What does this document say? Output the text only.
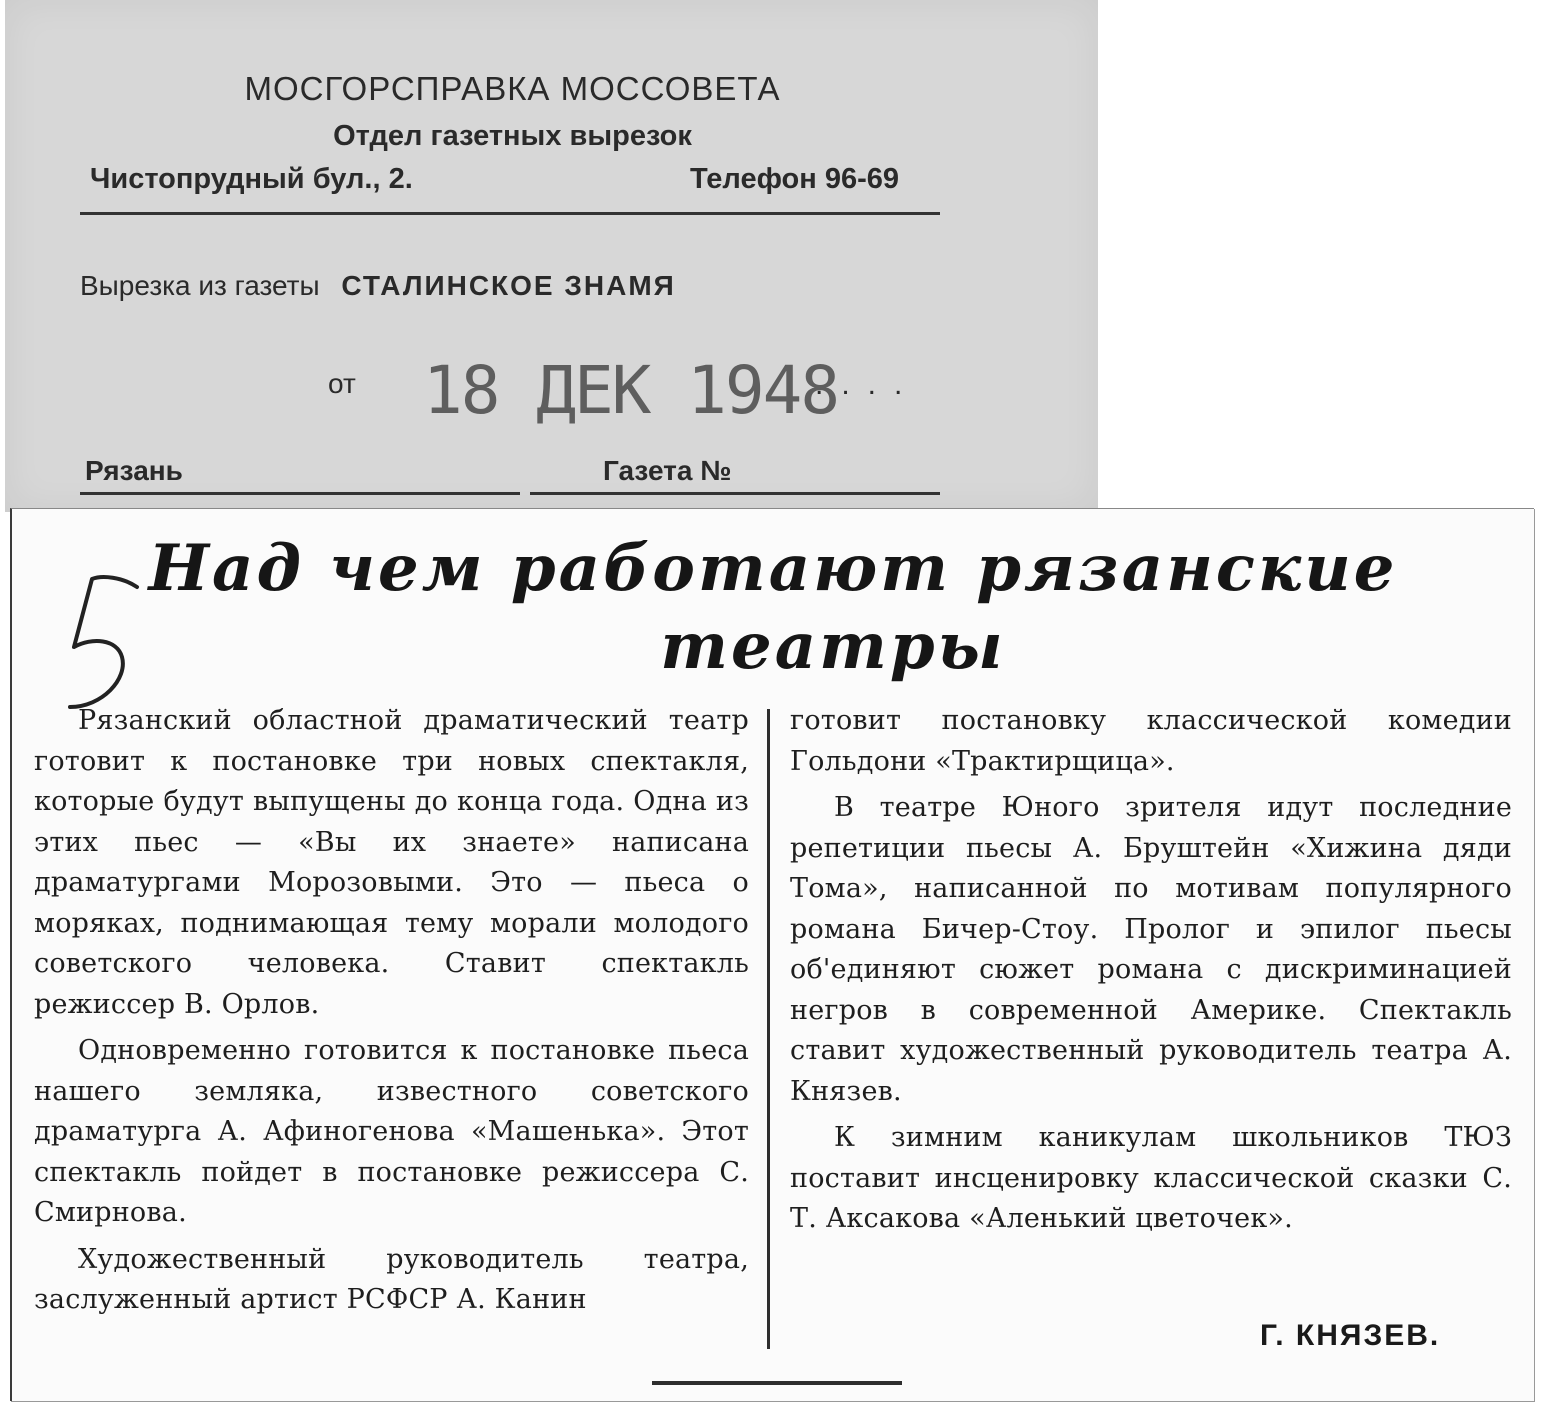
МОСГОРСПРАВКА МОССОВЕТА
Отдел газетных вырезок
Чистопрудный бул., 2.	Телефон 96-69
Вырезка из газеты СТАЛИНСКОЕ ЗНАМЯ
от 18 ДЕК 1948
....
Рязань	Газета №
Над чем работают рязанские
театры

Рязанский областной драматический театр готовит к постановке три новых спектакля, которые будут выпущены до конца года. Одна из этих пьес — «Вы их знаете» написана драматургами Морозовыми. Это — пьеса о моряках, поднимающая тему морали молодого советского человека. Ставит спектакль режиссер В. Орлов.

Одновременно готовится к постановке пьеса нашего земляка, известного советского драматурга А. Афиногенова «Машенька». Этот спектакль пойдет в постановке режиссера С. Смирнова.

Художественный руководитель театра, заслуженный артист РСФСР А. Канин

готовит постановку классической комедии Гольдони «Трактирщица».

В театре Юного зрителя идут последние репетиции пьесы А. Бруштейн «Хижина дяди Тома», написанной по мотивам популярного романа Бичер-Стоу. Пролог и эпилог пьесы об'единяют сюжет романа с дискриминацией негров в современной Америке. Спектакль ставит художественный руководитель театра А. Князев.

К зимним каникулам школьников ТЮЗ поставит инсценировку классической сказки С. Т. Аксакова «Аленький цветочек».

Г. КНЯЗЕВ.
